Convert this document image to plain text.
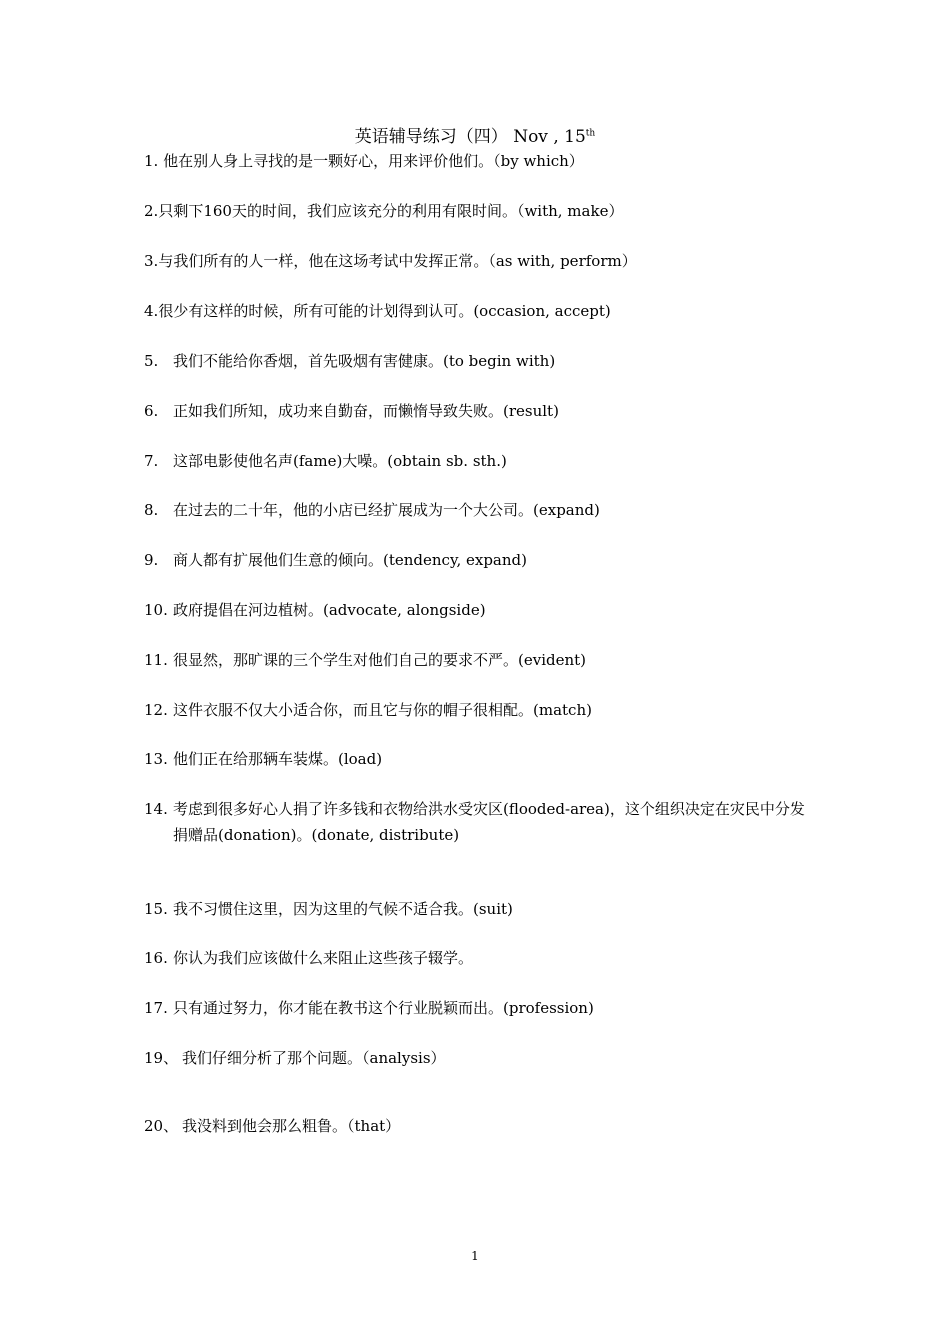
英语辅导练习（四） Nov , 15th
1. 他在别人身上寻找的是一颗好心，用来评价他们。（by which）
2.只剩下160天的时间，我们应该充分的利用有限时间。（with, make）
3.与我们所有的人一样，他在这场考试中发挥正常。（as with, perform）
4.很少有这样的时候，所有可能的计划得到认可。(occasion, accept)
5. 我们不能给你香烟，首先吸烟有害健康。(to begin with)
6. 正如我们所知，成功来自勤奋，而懒惰导致失败。(result)
7. 这部电影使他名声(fame)大噪。(obtain sb. sth.)
8. 在过去的二十年，他的小店已经扩展成为一个大公司。(expand)
9. 商人都有扩展他们生意的倾向。(tendency, expand)
10. 政府提倡在河边植树。(advocate, alongside)
11. 很显然，那旷课的三个学生对他们自己的要求不严。(evident)
12. 这件衣服不仅大小适合你，而且它与你的帽子很相配。(match)
13. 他们正在给那辆车装煤。(load)
14. 考虑到很多好心人捐了许多钱和衣物给洪水受灾区(flooded-area)，这个组织决定在灾民中分发捐赠品(donation)。(donate, distribute)
15. 我不习惯住这里，因为这里的气候不适合我。(suit)
16. 你认为我们应该做什么来阻止这些孩子辍学。
17. 只有通过努力，你才能在教书这个行业脱颖而出。(profession)
19、 我们仔细分析了那个问题。（analysis）
20、 我没料到他会那么粗鲁。（that）
1
